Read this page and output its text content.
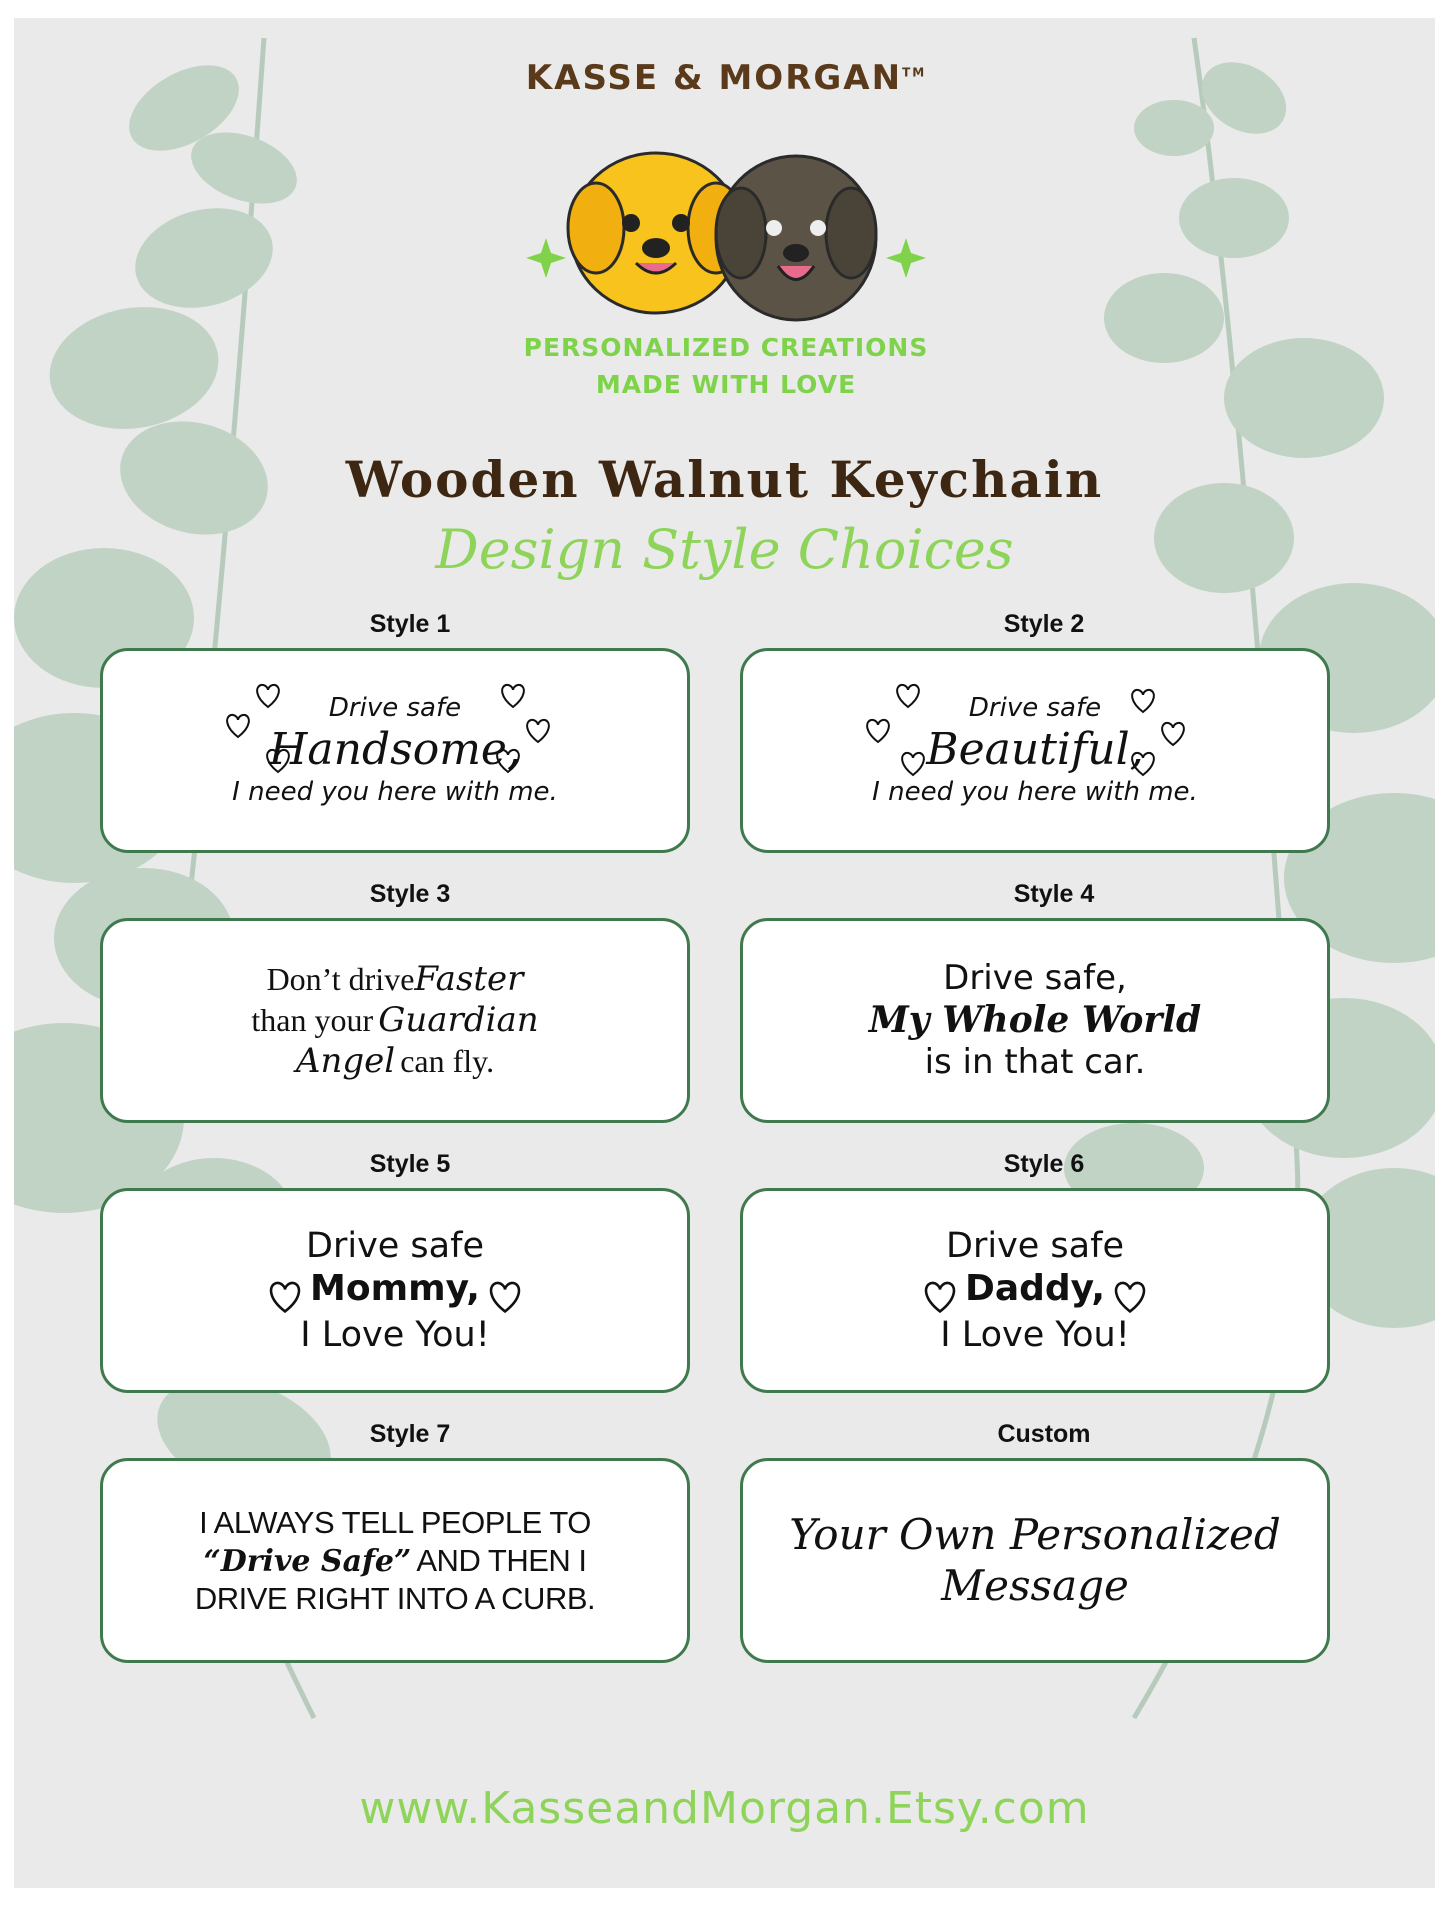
KASSE & MORGAN™
PERSONALIZED CREATIONS
MADE WITH LOVE
Wooden Walnut Keychain
Design Style Choices
Style 1
Drive safe
Handsome,
I need you here with me.
Style 2
Drive safe
Beautiful,
I need you here with me.
Style 3
Don’t driveFaster
than your Guardian
Angel can fly.
Style 4
Drive safe,
My Whole World
is in that car.
Style 5
Drive safe
Mommy,
I Love You!
Style 6
Drive safe
Daddy,
I Love You!
Style 7
I ALWAYS TELL PEOPLE TO
“Drive Safe” AND THEN I
DRIVE RIGHT INTO A CURB.
Custom
Your Own Personalized
Message
www.KasseandMorgan.Etsy.com
